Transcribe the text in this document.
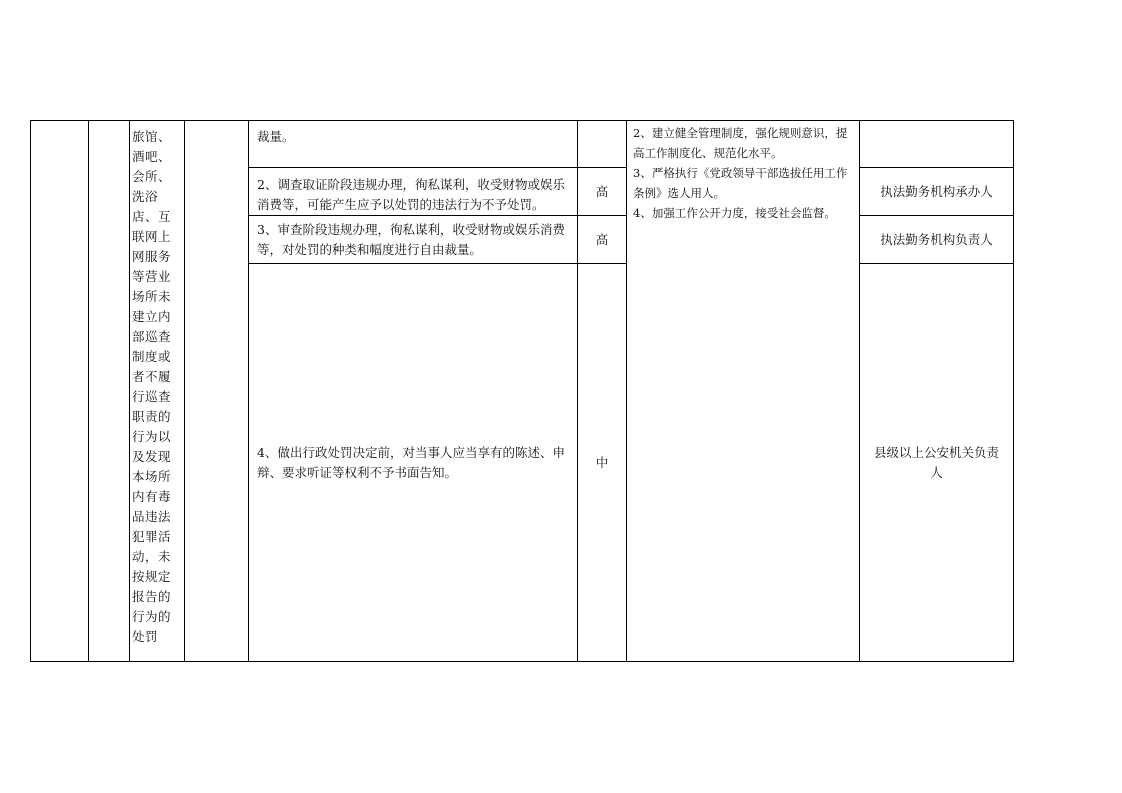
		旅馆、酒吧、会所、洗浴店、互联网上网服务等营业场所未建立内部巡查制度或者不履行巡查职责的行为以及发现本场所内有毒品违法犯罪活动，未按规定报告的行为的处罚		裁量。		2、建立健全管理制度，强化规则意识，提高工作制度化、规范化水平。
3、严格执行《党政领导干部选拔任用工作条例》选人用人。
4、加强工作公开力度，接受社会监督。	

				2、调查取证阶段违规办理，徇私谋利，收受财物或娱乐消费等，可能产生应予以处罚的违法行为不予处罚。	高		执法勤务机构承办人
				3、审查阶段违规办理，徇私谋利，收受财物或娱乐消费等，对处罚的种类和幅度进行自由裁量。	高		执法勤务机构负责人
				4、做出行政处罚决定前，对当事人应当享有的陈述、申辩、要求听证等权利不予书面告知。	中		县级以上公安机关负责人
